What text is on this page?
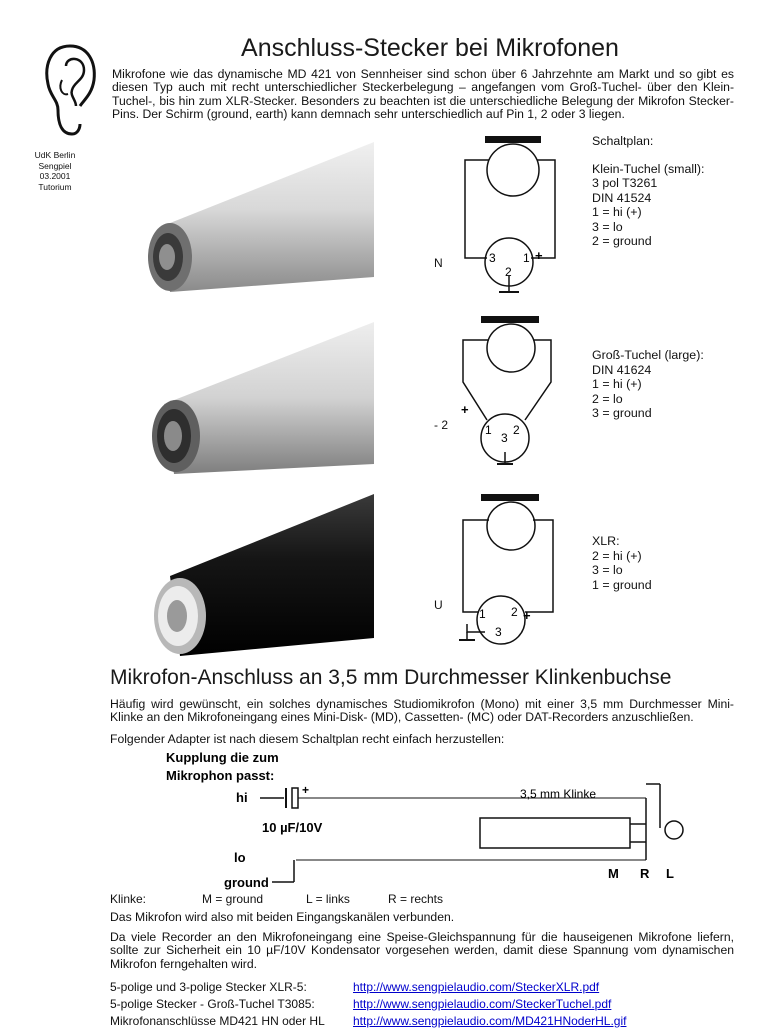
Anschluss-Stecker bei Mikrofonen
Mikrofone wie das dynamische MD 421 von Sennheiser sind schon über 6 Jahrzehnte am Markt und so gibt es diesen Typ auch mit recht unterschiedlicher Steckerbelegung – angefangen vom Groß-Tuchel- über den Klein-Tuchel-, bis hin zum XLR-Stecker. Besonders zu beachten ist die unterschiedliche Belegung der Mikrofon Stecker-Pins. Der Schirm (ground, earth) kann demnach sehr unterschiedlich auf Pin 1, 2 oder 3 liegen.
UdK Berlin
Sengpiel
03.2001
Tutorium
N
- 2
U
3 1
2
+
1
3
2
+
1 2
3
+
Schaltplan:
Klein-Tuchel (small):
3 pol T3261
DIN 41524
1 = hi (+)
3 = lo
2 = ground
Groß-Tuchel (large):
DIN 41624
1 = hi (+)
2 = lo
3 = ground
XLR:
2 = hi (+)
3 = lo
1 = ground
Mikrofon-Anschluss an 3,5 mm Durchmesser Klinkenbuchse
Häufig wird gewünscht, ein solches dynamisches Studiomikrofon (Mono) mit einer 3,5 mm Durchmesser Mini-Klinke an den Mikrofoneingang eines Mini-Disk- (MD), Cassetten- (MC) oder DAT-Recorders anzuschließen.
Folgender Adapter ist nach diesem Schaltplan recht einfach herzustellen:
Kupplung die zum
Mikrophon passt:
hi	+	3,5 mm Klinke
10 µF/10V
lo
ground
M R L
Klinke:	M = ground	L = links	R = rechts
Das Mikrofon wird also mit beiden Eingangskanälen verbunden.
Da viele Recorder an den Mikrofoneingang eine Speise-Gleichspannung für die hauseigenen Mikrofone liefern, sollte zur Sicherheit ein 10 µF/10V Kondensator vorgesehen werden, damit diese Spannung vom dynamischen Mikrofon ferngehalten wird.
5-polige und 3-polige Stecker XLR-5:	http://www.sengpielaudio.com/SteckerXLR.pdf
5-polige Stecker - Groß-Tuchel T3085:	http://www.sengpielaudio.com/SteckerTuchel.pdf
Mikrofonanschlüsse MD421 HN oder HL http://www.sengpielaudio.com/MD421HNoderHL.gif
